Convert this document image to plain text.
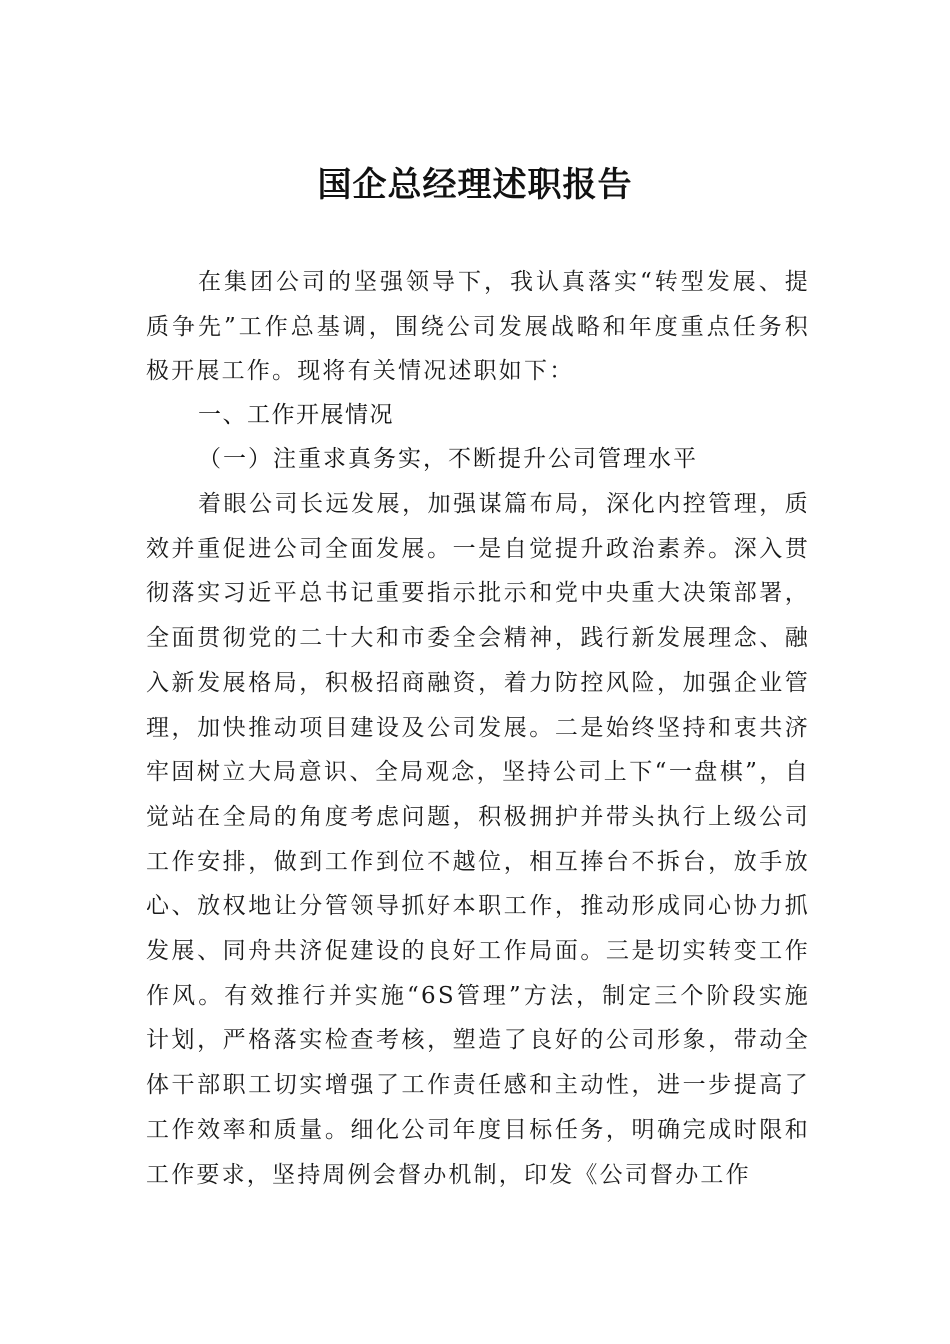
国企总经理述职报告
在集团公司的坚强领导下，我认真落实“转型发展、提质争先”工作总基调，围绕公司发展战略和年度重点任务积极开展工作。现将有关情况述职如下：
一、工作开展情况
（一）注重求真务实，不断提升公司管理水平
着眼公司长远发展，加强谋篇布局，深化内控管理，质效并重促进公司全面发展。一是自觉提升政治素养。深入贯彻落实习近平总书记重要指示批示和党中央重大决策部署，全面贯彻党的二十大和市委全会精神，践行新发展理念、融入新发展格局，积极招商融资，着力防控风险，加强企业管理，加快推动项目建设及公司发展。二是始终坚持和衷共济牢固树立大局意识、全局观念，坚持公司上下“一盘棋”，自觉站在全局的角度考虑问题，积极拥护并带头执行上级公司工作安排，做到工作到位不越位，相互捧台不拆台，放手放心、放权地让分管领导抓好本职工作，推动形成同心协力抓发展、同舟共济促建设的良好工作局面。三是切实转变工作作风。有效推行并实施“6S管理”方法，制定三个阶段实施计划，严格落实检查考核，塑造了良好的公司形象，带动全体干部职工切实增强了工作责任感和主动性，进一步提高了工作效率和质量。细化公司年度目标任务，明确完成时限和工作要求，坚持周例会督办机制，印发《公司督办工作
